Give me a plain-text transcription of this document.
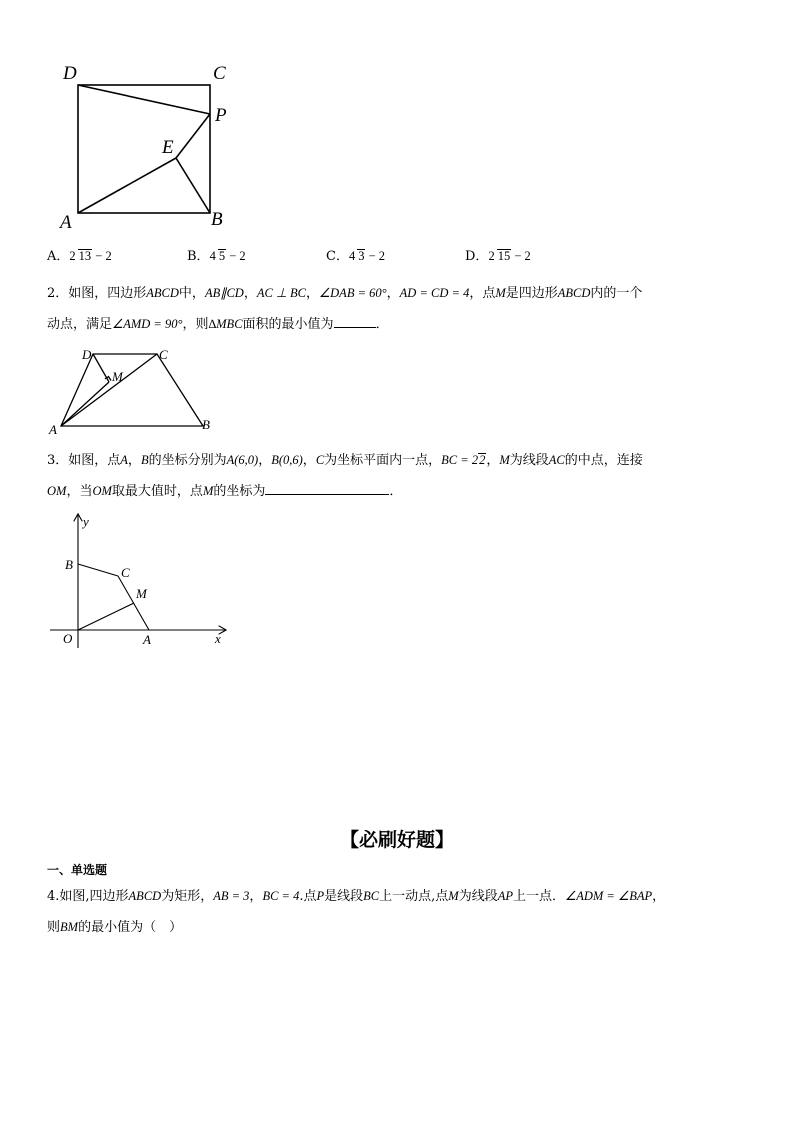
D	C
P
E
A	B
A．2 13 − 2	B．4 5 − 2	C．4 3 − 2	D．2 15 − 2
2．如图，四边形ABCD中，AB∥CD，AC ⊥ BC，∠DAB = 60°，AD = CD = 4，点M是四边形ABCD内的一个
动点，满足∠AMD = 90°，则∆MBC面积的最小值为	．
D	C
M
A	B
3．如图，点A，B的坐标分别为A(6,0)，B(0,6)，C为坐标平面内一点，BC = 22，M为线段AC的中点，连接
OM，当OM取最大值时，点M的坐标为	．
y
x
B
C
M
O	A
【必刷好题】
一、单选题
4.如图,四边形ABCD为矩形，AB = 3，BC = 4.点P是线段BC上一动点,点M为线段AP上一点．∠ADM = ∠BAP，
则BM的最小值为（　）
